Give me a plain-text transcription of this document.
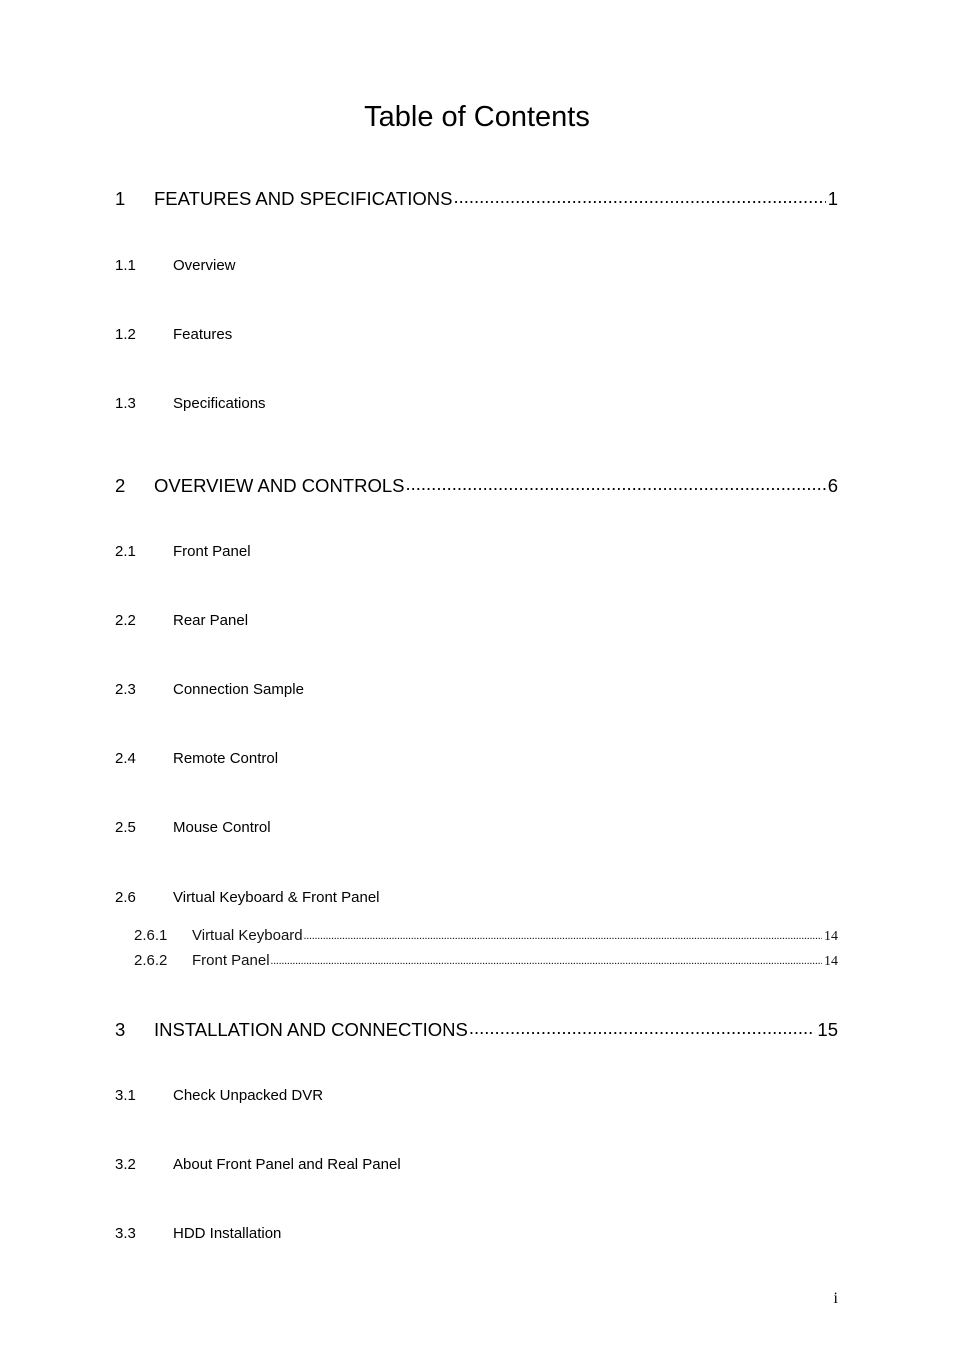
Table of Contents
1	FEATURES AND SPECIFICATIONS .....	1
1.1	Overview
1.2	Features
1.3	Specifications
2	OVERVIEW AND CONTROLS .....	6
2.1	Front Panel
2.2	Rear Panel
2.3	Connection Sample
2.4	Remote Control
2.5	Mouse Control
2.6	Virtual Keyboard & Front Panel
2.6.1	Virtual Keyboard .....	14
2.6.2	Front Panel .....	14
3	INSTALLATION AND CONNECTIONS .....	15
3.1	Check Unpacked DVR
3.2	About Front Panel and Real Panel
3.3	HDD Installation
i
